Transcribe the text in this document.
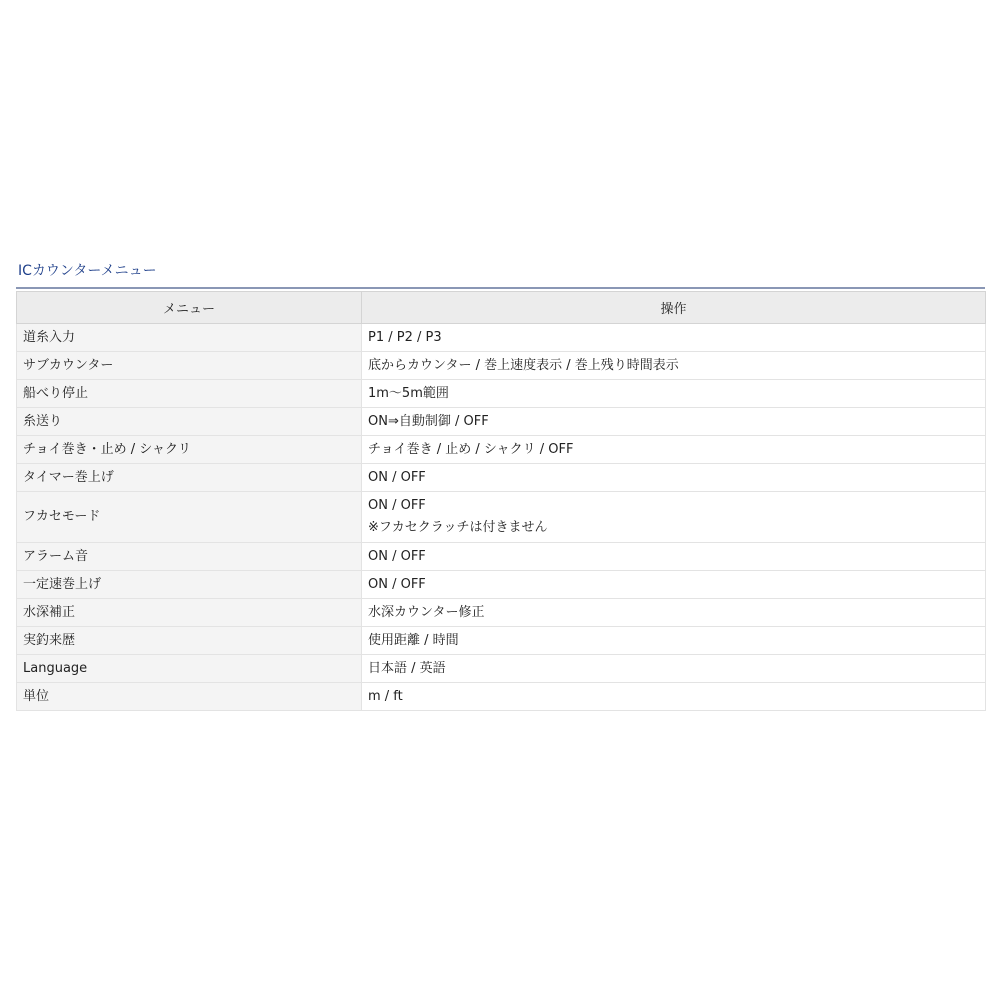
ICカウンターメニュー
メニュー	操作
道糸入力	P1 / P2 / P3

サブカウンター	底からカウンター / 巻上速度表示 / 巻上残り時間表示

船べり停止	1m〜5m範囲

糸送り	ON⇒自動制御 / OFF

チョイ巻き・止め / シャクリ	チョイ巻き / 止め / シャクリ / OFF

タイマー巻上げ	ON / OFF

フカセモード	ON / OFF
※フカセクラッチは付きません

アラーム音	ON / OFF

一定速巻上げ	ON / OFF

水深補正	水深カウンター修正

実釣来歴	使用距離 / 時間

Language	日本語 / 英語

単位	m / ft
